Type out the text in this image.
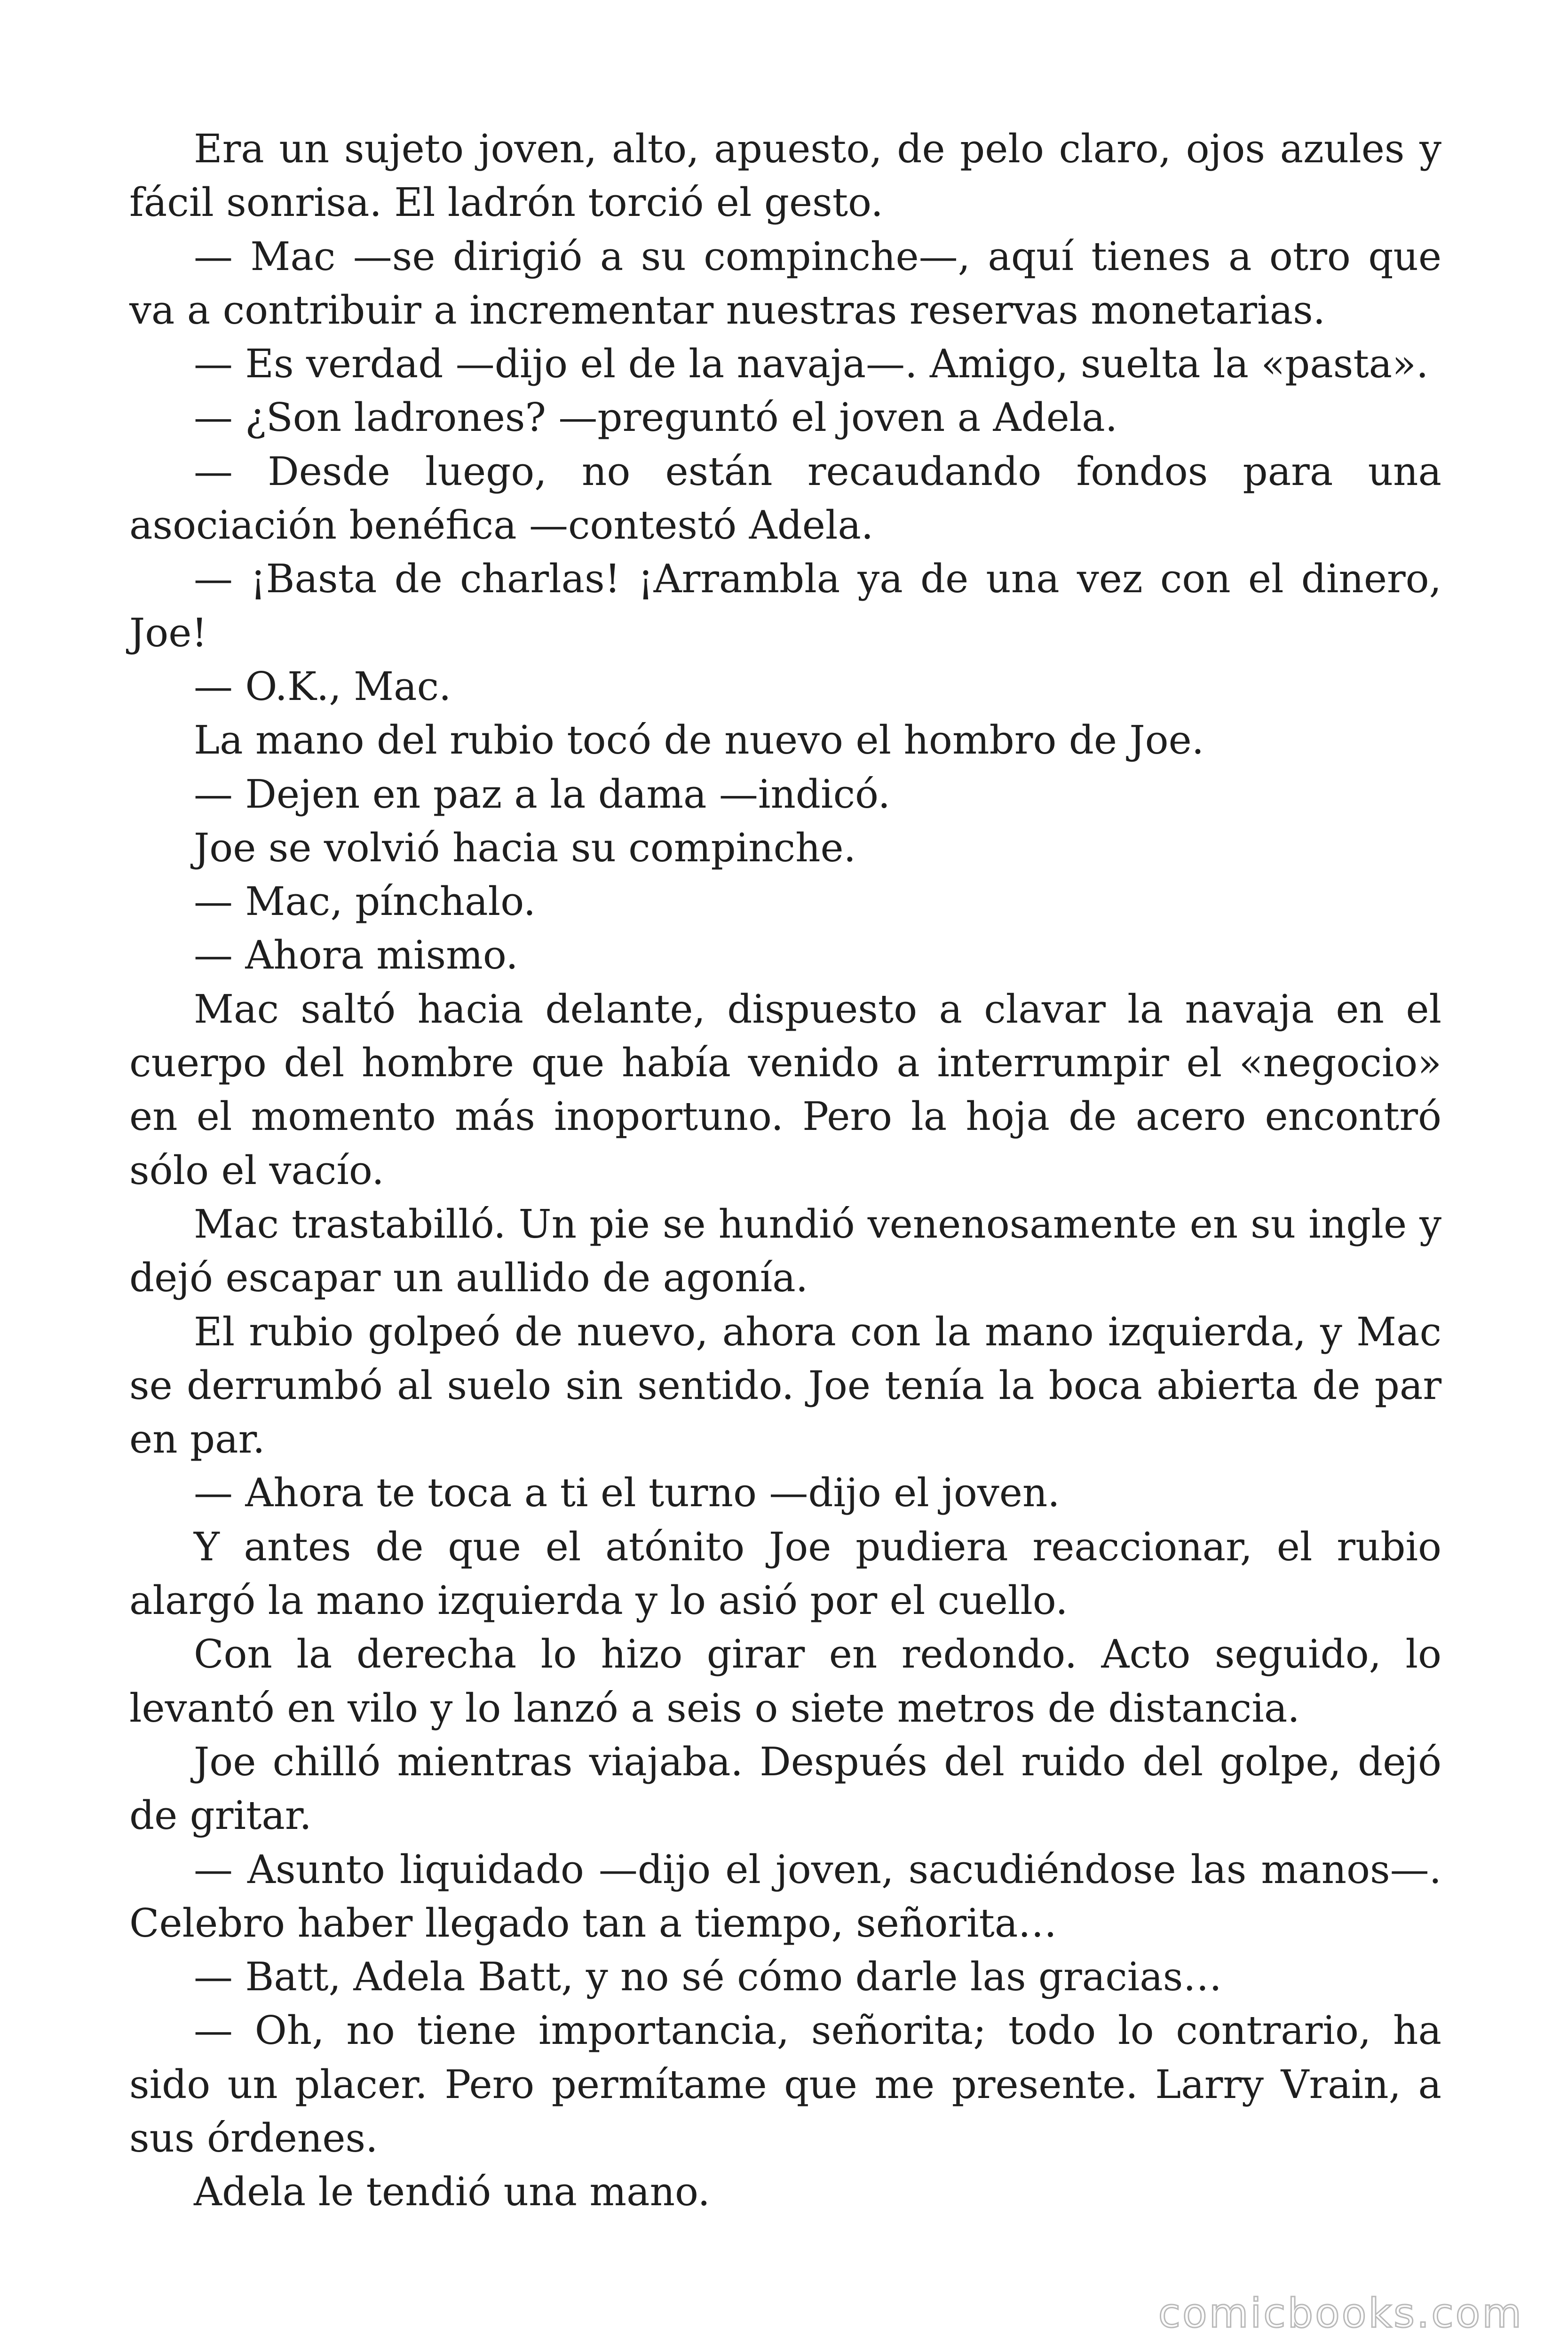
Era un sujeto joven, alto, apuesto, de pelo claro, ojos azules y fácil sonrisa. El ladrón torció el gesto.

— Mac —se dirigió a su compinche—, aquí tienes a otro que va a contribuir a incrementar nuestras reservas monetarias.

— Es verdad —dijo el de la navaja—. Amigo, suelta la «pasta».

— ¿Son ladrones? —preguntó el joven a Adela.

— Desde luego, no están recaudando fondos para una asociación benéfica —contestó Adela.

— ¡Basta de charlas! ¡Arrambla ya de una vez con el dinero, Joe!

— O.K., Mac.

La mano del rubio tocó de nuevo el hombro de Joe.

— Dejen en paz a la dama —indicó.

Joe se volvió hacia su compinche.

— Mac, pínchalo.

— Ahora mismo.

Mac saltó hacia delante, dispuesto a clavar la navaja en el cuerpo del hombre que había venido a interrumpir el «negocio» en el momento más inoportuno. Pero la hoja de acero encontró sólo el vacío.

Mac trastabilló. Un pie se hundió venenosamente en su ingle y dejó escapar un aullido de agonía.

El rubio golpeó de nuevo, ahora con la mano izquierda, y Mac se derrumbó al suelo sin sentido. Joe tenía la boca abierta de par en par.

— Ahora te toca a ti el turno —dijo el joven.

Y antes de que el atónito Joe pudiera reaccionar, el rubio alargó la mano izquierda y lo asió por el cuello.

Con la derecha lo hizo girar en redondo. Acto seguido, lo levantó en vilo y lo lanzó a seis o siete metros de distancia.

Joe chilló mientras viajaba. Después del ruido del golpe, dejó de gritar.

— Asunto liquidado —dijo el joven, sacudiéndose las manos—. Celebro haber llegado tan a tiempo, señorita…

— Batt, Adela Batt, y no sé cómo darle las gracias…

— Oh, no tiene importancia, señorita; todo lo contrario, ha sido un placer. Pero permítame que me presente. Larry Vrain, a sus órdenes.

Adela le tendió una mano.

comicbooks.com
